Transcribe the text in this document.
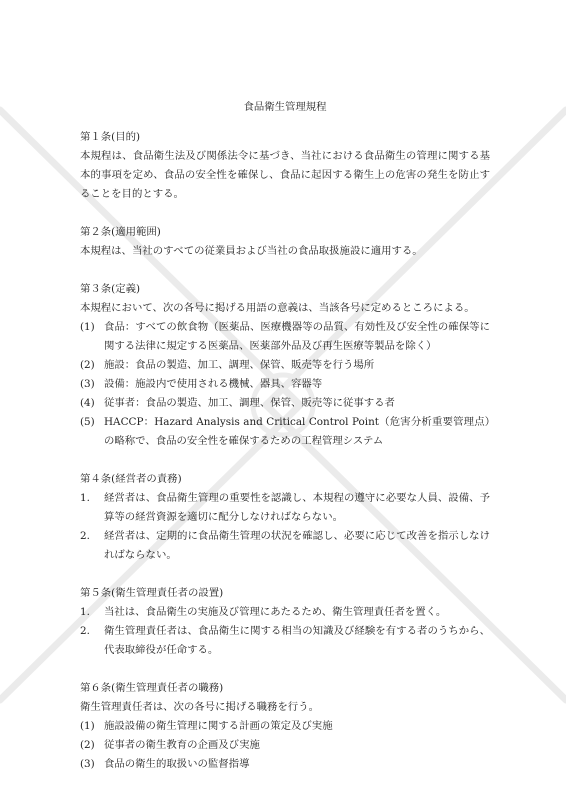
食品衛生管理規程
第１条(目的)
本規程は、食品衛生法及び関係法令に基づき、当社における食品衛生の管理に関する基本的事項を定め、食品の安全性を確保し、食品に起因する衛生上の危害の発生を防止することを目的とする。
第２条(適用範囲)
本規程は、当社のすべての従業員および当社の食品取扱施設に適用する。
第３条(定義)
本規程において、次の各号に掲げる用語の意義は、当該各号に定めるところによる。
(1) 食品：すべての飲食物（医薬品、医療機器等の品質、有効性及び安全性の確保等に関する法律に規定する医薬品、医薬部外品及び再生医療等製品を除く）
(2) 施設：食品の製造、加工、調理、保管、販売等を行う場所
(3) 設備：施設内で使用される機械、器具、容器等
(4) 従事者：食品の製造、加工、調理、保管、販売等に従事する者
(5) HACCP：Hazard Analysis and Critical Control Point（危害分析重要管理点）の略称で、食品の安全性を確保するための工程管理システム
第４条(経営者の責務)
1.	経営者は、食品衛生管理の重要性を認識し、本規程の遵守に必要な人員、設備、予算等の経営資源を適切に配分しなければならない。
2.	経営者は、定期的に食品衛生管理の状況を確認し、必要に応じて改善を指示しなければならない。
第５条(衛生管理責任者の設置)
1.	当社は、食品衛生の実施及び管理にあたるため、衛生管理責任者を置く。
2.	衛生管理責任者は、食品衛生に関する相当の知識及び経験を有する者のうちから、代表取締役が任命する。
第６条(衛生管理責任者の職務)
衛生管理責任者は、次の各号に掲げる職務を行う。
(1) 施設設備の衛生管理に関する計画の策定及び実施
(2) 従事者の衛生教育の企画及び実施
(3) 食品の衛生的取扱いの監督指導
